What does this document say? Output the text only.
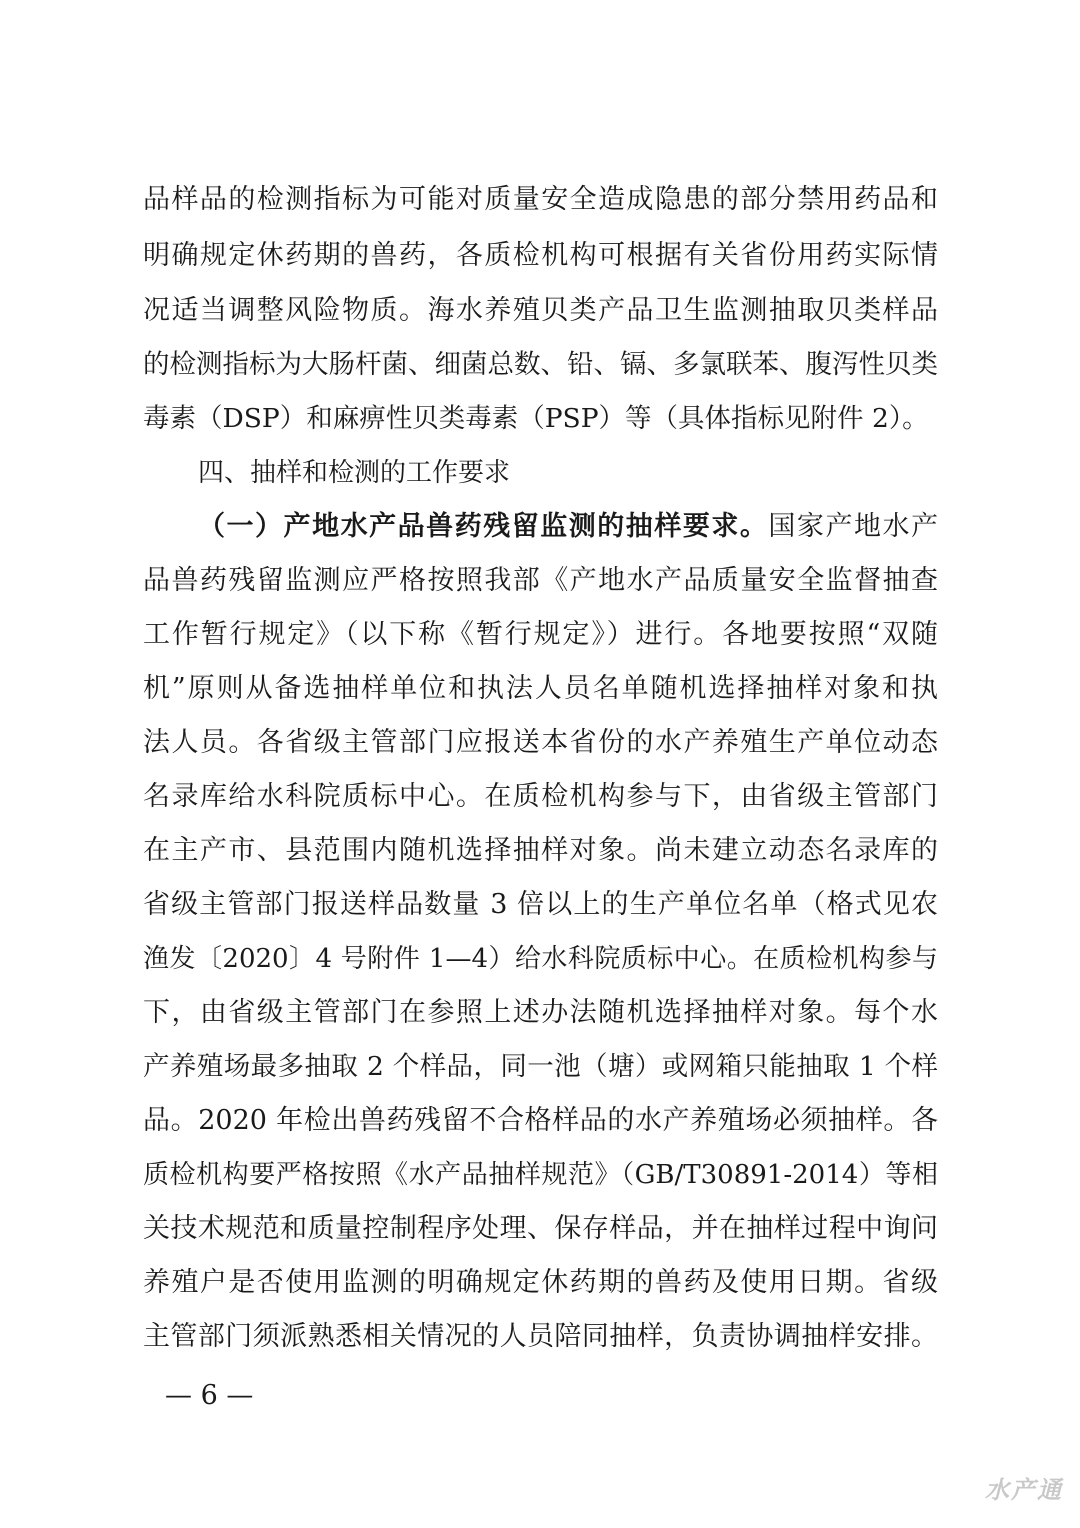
品样品的检测指标为可能对质量安全造成隐患的部分禁用药品和
明确规定休药期的兽药，各质检机构可根据有关省份用药实际情
况适当调整风险物质。海水养殖贝类产品卫生监测抽取贝类样品
的检测指标为大肠杆菌、细菌总数、铅、镉、多氯联苯、腹泻性贝类
毒素（DSP）和麻痹性贝类毒素（PSP）等（具体指标见附件 2）。
四、抽样和检测的工作要求
（一）产地水产品兽药残留监测的抽样要求。国家产地水产
品兽药残留监测应严格按照我部《产地水产品质量安全监督抽查
工作暂行规定》（以下称《暂行规定》）进行。各地要按照“双随
机”原则从备选抽样单位和执法人员名单随机选择抽样对象和执
法人员。各省级主管部门应报送本省份的水产养殖生产单位动态
名录库给水科院质标中心。在质检机构参与下，由省级主管部门
在主产市、县范围内随机选择抽样对象。尚未建立动态名录库的
省级主管部门报送样品数量 3 倍以上的生产单位名单（格式见农
渔发〔2020〕4 号附件 1—4）给水科院质标中心。在质检机构参与
下，由省级主管部门在参照上述办法随机选择抽样对象。每个水
产养殖场最多抽取 2 个样品，同一池（塘）或网箱只能抽取 1 个样
品。2020 年检出兽药残留不合格样品的水产养殖场必须抽样。各
质检机构要严格按照《水产品抽样规范》（GB/T30891-2014）等相
关技术规范和质量控制程序处理、保存样品，并在抽样过程中询问
养殖户是否使用监测的明确规定休药期的兽药及使用日期。省级
主管部门须派熟悉相关情况的人员陪同抽样，负责协调抽样安排。
— 6 —
水产通
